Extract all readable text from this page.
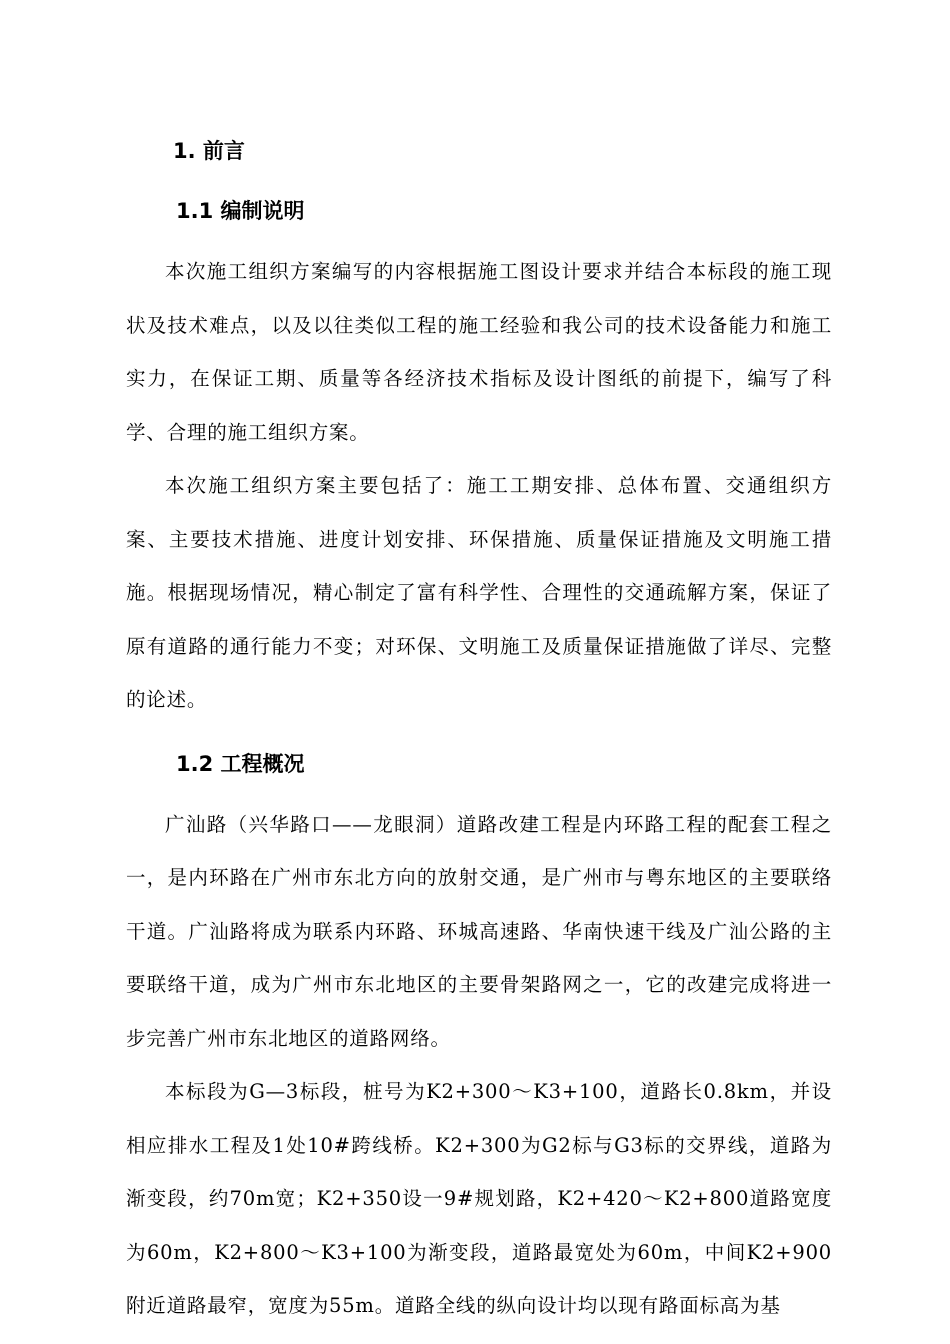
1. 前言
1.1 编制说明

本次施工组织方案编写的内容根据施工图设计要求并结合本标段的施工现状及技术难点，以及以往类似工程的施工经验和我公司的技术设备能力和施工实力，在保证工期、质量等各经济技术指标及设计图纸的前提下，编写了科学、合理的施工组织方案。

本次施工组织方案主要包括了：施工工期安排、总体布置、交通组织方案、主要技术措施、进度计划安排、环保措施、质量保证措施及文明施工措施。根据现场情况，精心制定了富有科学性、合理性的交通疏解方案，保证了原有道路的通行能力不变；对环保、文明施工及质量保证措施做了详尽、完整的论述。

1.2 工程概况

广汕路（兴华路口——龙眼洞）道路改建工程是内环路工程的配套工程之一，是内环路在广州市东北方向的放射交通，是广州市与粤东地区的主要联络干道。广汕路将成为联系内环路、环城高速路、华南快速干线及广汕公路的主要联络干道，成为广州市东北地区的主要骨架路网之一，它的改建完成将进一步完善广州市东北地区的道路网络。

本标段为G—3标段，桩号为K2+300～K3+100，道路长0.8km，并设相应排水工程及1处10#跨线桥。K2+300为G2标与G3标的交界线，道路为渐变段，约70m宽；K2+350设一9#规划路，K2+420～K2+800道路宽度为60m，K2+800～K3+100为渐变段，道路最宽处为60m，中间K2+900附近道路最窄，宽度为55m。道路全线的纵向设计均以现有路面标高为基
